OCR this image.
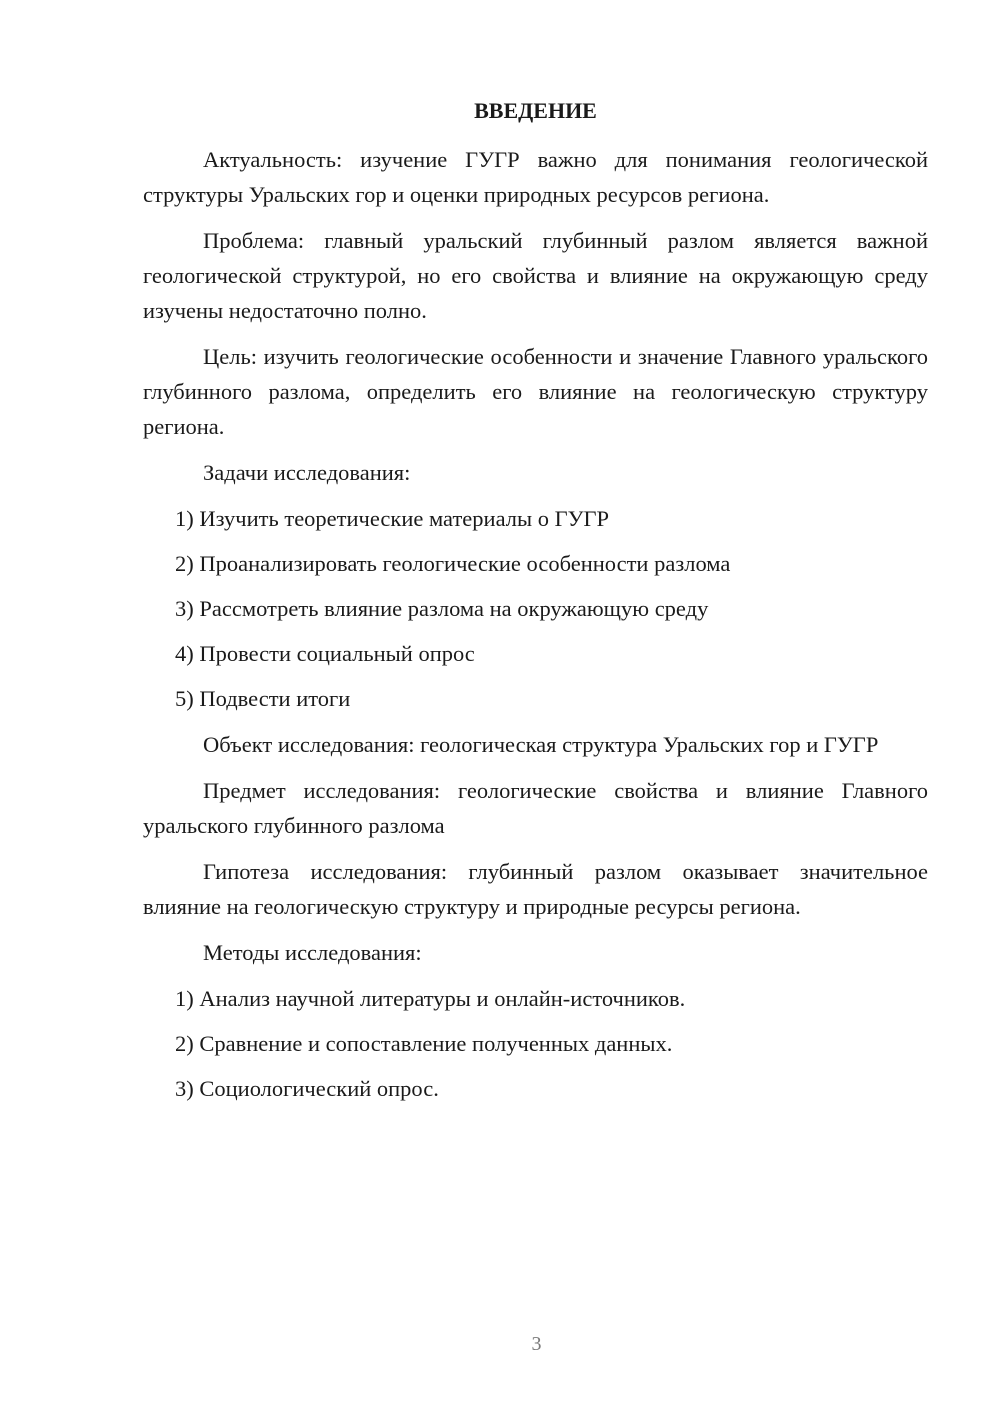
ВВЕДЕНИЕ

Актуальность: изучение ГУГР важно для понимания геологической структуры Уральских гор и оценки природных ресурсов региона.

Проблема: главный уральский глубинный разлом является важной геологической структурой, но его свойства и влияние на окружающую среду изучены недостаточно полно.

Цель: изучить геологические особенности и значение Главного уральского глубинного разлома, определить его влияние на геологическую структуру региона.

Задачи исследования:

1) Изучить теоретические материалы о ГУГР
2) Проанализировать геологические особенности разлома
3) Рассмотреть влияние разлома на окружающую среду
4) Провести социальный опрос
5) Подвести итоги

Объект исследования: геологическая структура Уральских гор и ГУГР

Предмет исследования: геологические свойства и влияние Главного уральского глубинного разлома

Гипотеза исследования: глубинный разлом оказывает значительное влияние на геологическую структуру и природные ресурсы региона.

Методы исследования:

1) Анализ научной литературы и онлайн-источников.
2) Сравнение и сопоставление полученных данных.
3) Социологический опрос.
3
